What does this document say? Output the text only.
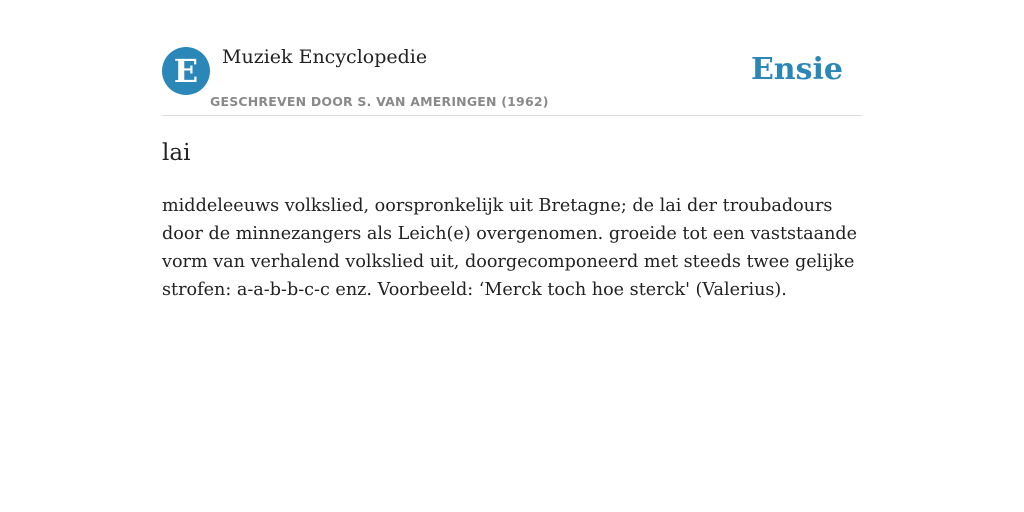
E	Muziek Encyclopedie
GESCHREVEN DOOR S. VAN AMERINGEN (1962)
Ensie
lai

middeleeuws volkslied, oorspronkelijk uit Bretagne; de lai der troubadours door de minnezangers als Leich(e) overgenomen. groeide tot een vaststaande vorm van verhalend volkslied uit, doorgecomponeerd met steeds twee gelijke strofen: a-a-b-b-c-c enz. Voorbeeld: ‘Merck toch hoe sterck' (Valerius).
